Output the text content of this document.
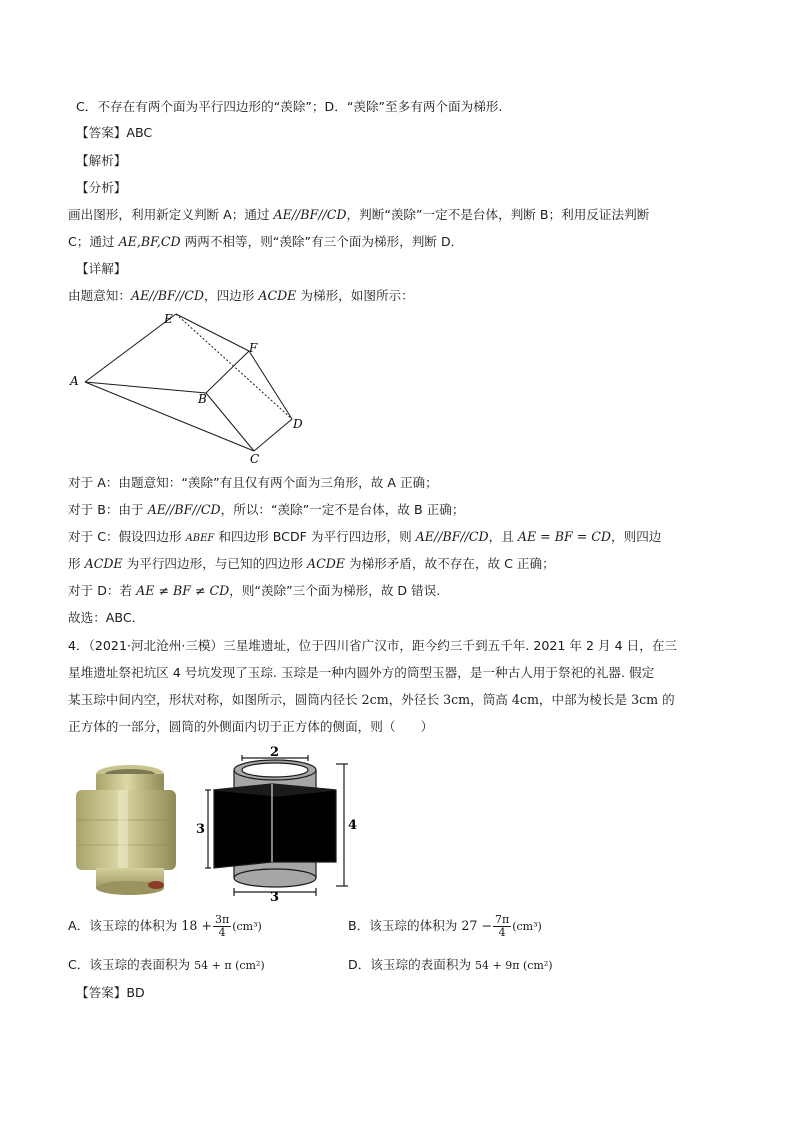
C．不存在有两个面为平行四边形的“羡除”；D．“羡除”至多有两个面为梯形.
【答案】ABC
【解析】
【分析】
画出图形，利用新定义判断 A；通过 AE//BF//CD，判断“羡除”一定不是台体，判断 B；利用反证法判断
C；通过 AE,BF,CD 两两不相等，则“羡除”有三个面为梯形，判断 D．
【详解】
由题意知：AE//BF//CD，四边形 ACDE 为梯形，如图所示：
E
F
A
B
D
C
对于 A：由题意知：“羡除”有且仅有两个面为三角形，故 A 正确；
对于 B：由于 AE//BF//CD，所以：“羡除”一定不是台体，故 B 正确；
对于 C：假设四边形 ABEF 和四边形 BCDF 为平行四边形，则 AE//BF//CD，且 AE = BF = CD，则四边
形 ACDE 为平行四边形，与已知的四边形 ACDE 为梯形矛盾，故不存在，故 C 正确；
对于 D：若 AE ≠ BF ≠ CD，则“羡除”三个面为梯形，故 D 错误.
故选：ABC．
4．（2021·河北沧州·三模）三星堆遗址，位于四川省广汉市，距今约三千到五千年. 2021 年 2 月 4 日，在三
星堆遗址祭祀坑区 4 号坑发现了玉琮. 玉琮是一种内圆外方的筒型玉器，是一种古人用于祭祀的礼器. 假定
某玉琮中间内空，形状对称，如图所示，圆筒内径长 2cm，外径长 3cm，筒高 4cm，中部为棱长是 3cm 的
正方体的一部分，圆筒的外侧面内切于正方体的侧面，则（　　）
2
3	4
3
A．该玉琮的体积为 $18 + \frac{3\pi}{4} (cm^3)$	B．该玉琮的体积为 $27 - \frac{7\pi}{4} (cm^3)$
C．该玉琮的表面积为 54 + π (cm²)	D．该玉琮的表面积为 54 + 9π (cm²)
【答案】BD
